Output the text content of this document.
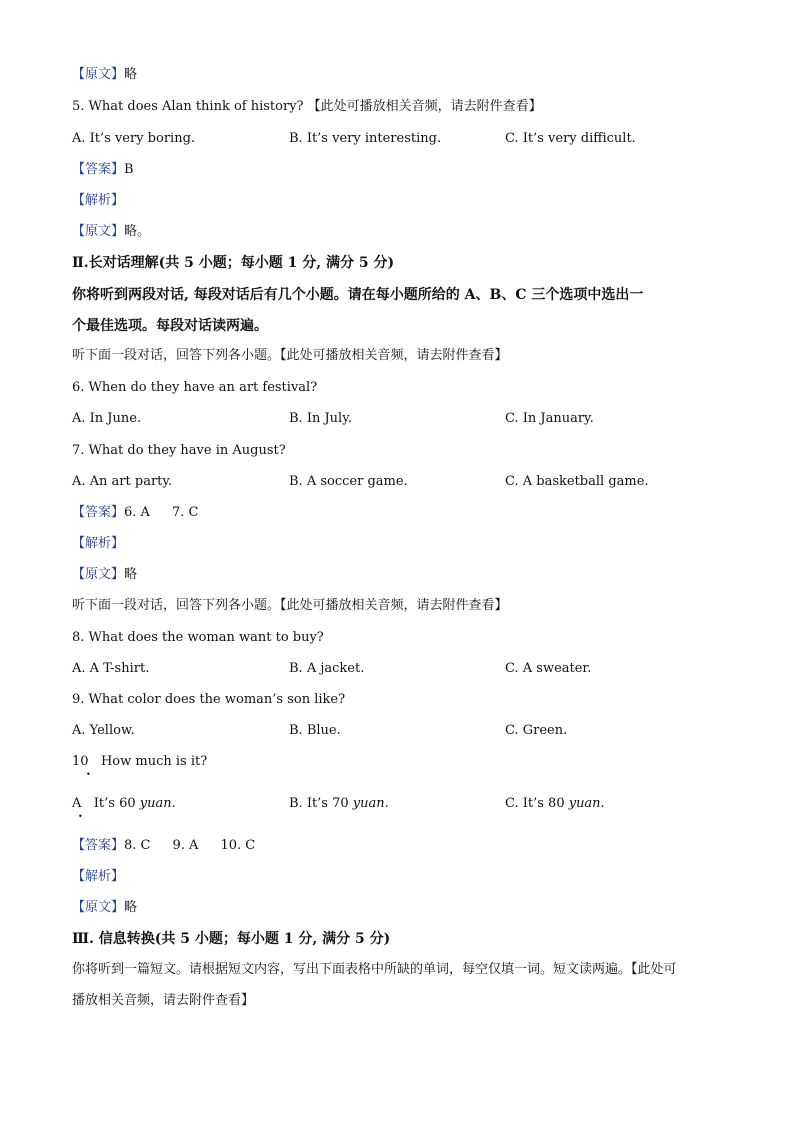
【原文】略
5. What does Alan think of history? 【此处可播放相关音频，请去附件查看】
A. It’s very boring.	B. It’s very interesting.	C. It’s very difficult.
【答案】B
【解析】
【原文】略。
Ⅱ.长对话理解(共 5 小题；每小题 1 分, 满分 5 分)
你将听到两段对话, 每段对话后有几个小题。请在每小题所给的 A、B、C 三个选项中选出一
个最佳选项。每段对话读两遍。
听下面一段对话，回答下列各小题。【此处可播放相关音频，请去附件查看】
6. When do they have an art festival?
A. In June.	B. In July.	C. In January.
7. What do they have in August?
A. An art party.	B. A soccer game.	C. A basketball game.
【答案】6. A 7. C
【解析】
【原文】略
听下面一段对话，回答下列各小题。【此处可播放相关音频，请去附件查看】
8. What does the woman want to buy?
A. A T-shirt.	B. A jacket.	C. A sweater.
9. What color does the woman’s son like?
A. Yellow.	B. Blue.	C. Green.
10 How much is it?
•
A It’s 60 yuan.	B. It’s 70 yuan.	C. It’s 80 yuan.
•
【答案】8. C 9. A 10. C
【解析】
【原文】略
Ⅲ. 信息转换(共 5 小题；每小题 1 分, 满分 5 分)
你将听到一篇短文。请根据短文内容，写出下面表格中所缺的单词，每空仅填一词。短文读两遍。【此处可
播放相关音频，请去附件查看】
